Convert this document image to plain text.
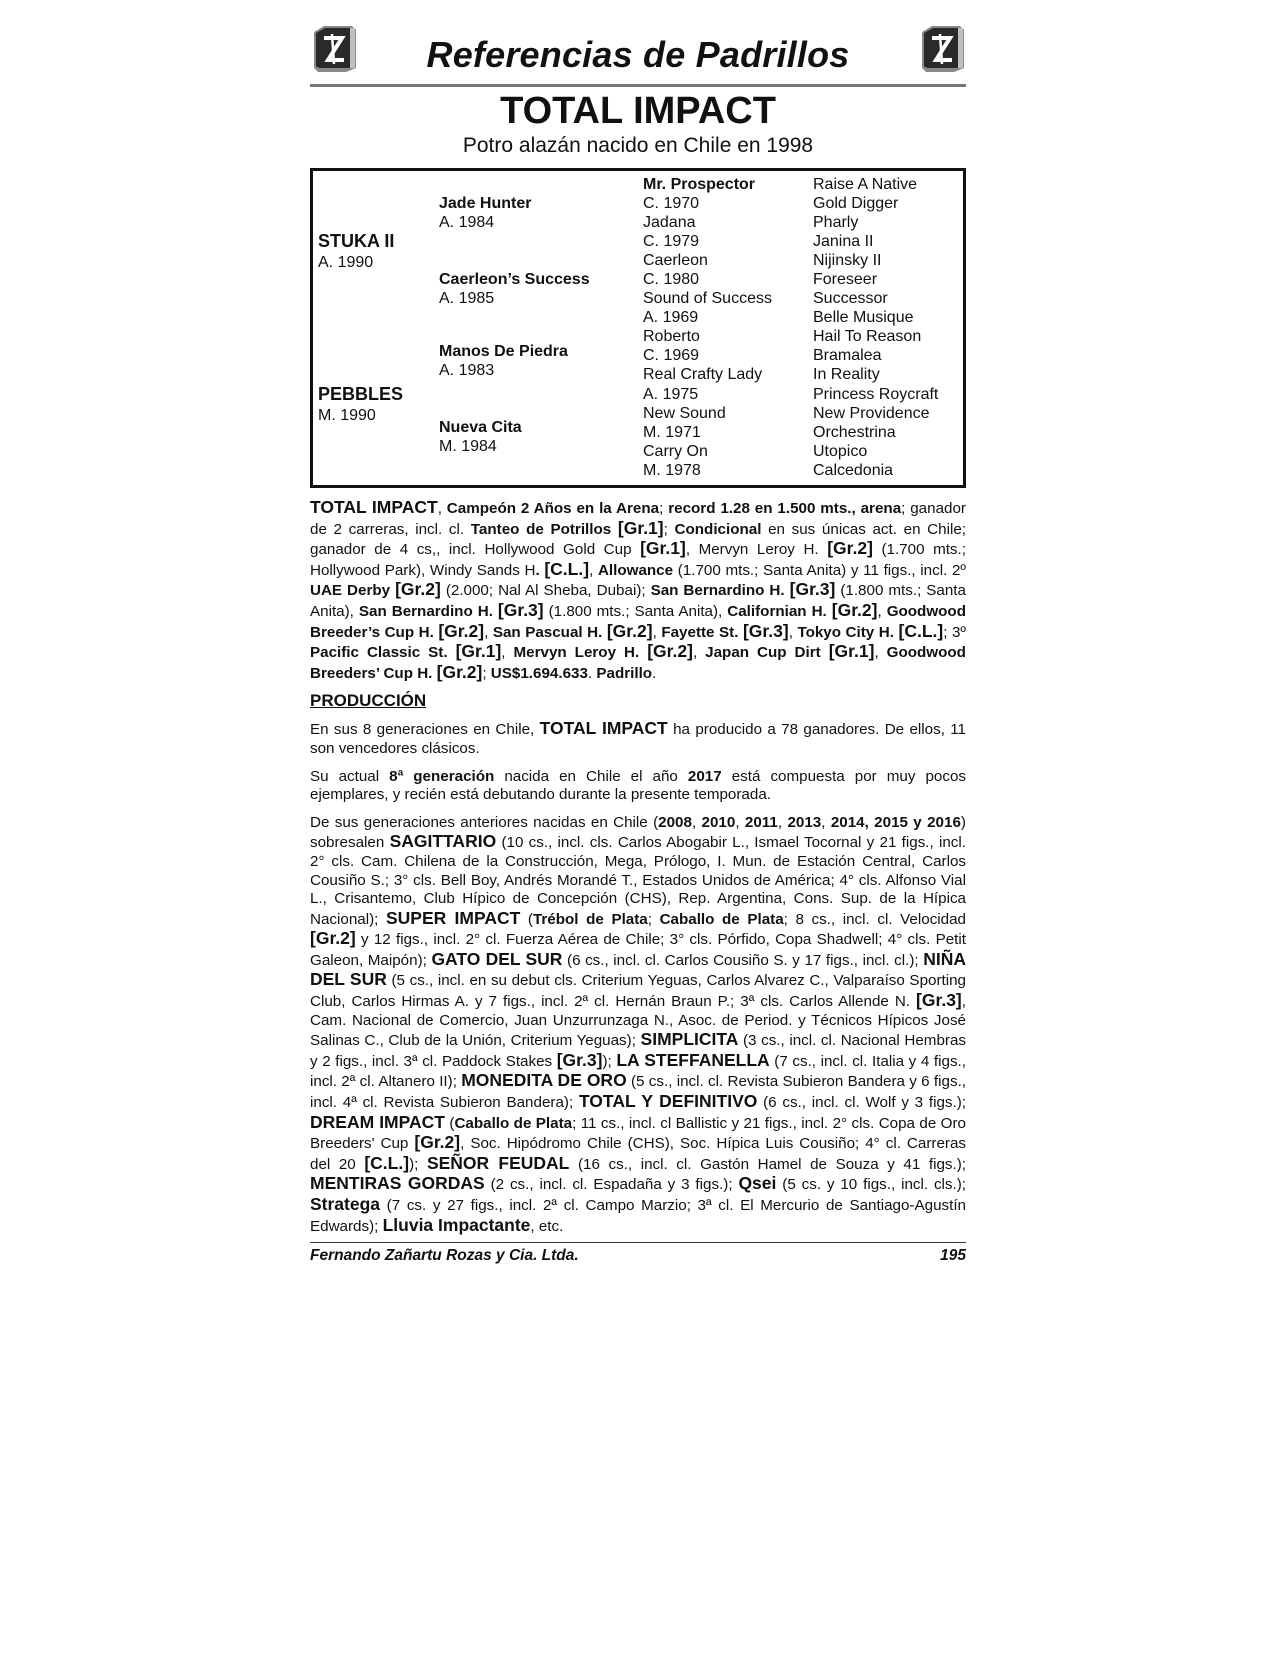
Referencias de Padrillos
TOTAL IMPACT
Potro alazán nacido en Chile en 1998
STUKA II
A. 1990
PEBBLES
M. 1990
Jade Hunter
A. 1984
Caerleon’s Success
A. 1985
Manos De Piedra
A. 1983
Nueva Cita
M. 1984
Mr. Prospector
C. 1970
Jadana
C. 1979
Caerleon
C. 1980
Sound of Success
A. 1969
Roberto
C. 1969
Real Crafty Lady
A. 1975
New Sound
M. 1971
Carry On
M. 1978
Raise A Native
Gold Digger
Pharly
Janina II
Nijinsky II
Foreseer
Successor
Belle Musique
Hail To Reason
Bramalea
In Reality
Princess Roycraft
New Providence
Orchestrina
Utopico
Calcedonia

TOTAL IMPACT, Campeón 2 Años en la Arena; record 1.28 en 1.500 mts., arena; ganador de 2 carreras, incl. cl. Tanteo de Potrillos [Gr.1]; Condicional en sus únicas act. en Chile; ganador de 4 cs,, incl. Hollywood Gold Cup [Gr.1], Mervyn Leroy H. [Gr.2] (1.700 mts.; Hollywood Park), Windy Sands H. [C.L.], Allowance (1.700 mts.; Santa Anita) y 11 figs., incl. 2º UAE Derby [Gr.2] (2.000; Nal Al Sheba, Dubai); San Bernardino H. [Gr.3] (1.800 mts.; Santa Anita), San Bernardino H. [Gr.3] (1.800 mts.; Santa Anita), Californian H. [Gr.2], Goodwood Breeder’s Cup H. [Gr.2], San Pascual H. [Gr.2], Fayette St. [Gr.3], Tokyo City H. [C.L.]; 3º Pacific Classic St. [Gr.1], Mervyn Leroy H. [Gr.2], Japan Cup Dirt [Gr.1], Goodwood Breeders’ Cup H. [Gr.2]; US$1.694.633. Padrillo.

PRODUCCIÓN

En sus 8 generaciones en Chile, TOTAL IMPACT ha producido a 78 ganadores. De ellos, 11 son vencedores clásicos.

Su actual 8ª generación nacida en Chile el año 2017 está compuesta por muy pocos ejemplares, y recién está debutando durante la presente temporada.

De sus generaciones anteriores nacidas en Chile (2008, 2010, 2011, 2013, 2014, 2015 y 2016) sobresalen SAGITTARIO (10 cs., incl. cls. Carlos Abogabir L., Ismael Tocornal y 21 figs., incl. 2° cls. Cam. Chilena de la Construcción, Mega, Prólogo, I. Mun. de Estación Central, Carlos Cousiño S.; 3° cls. Bell Boy, Andrés Morandé T., Estados Unidos de América; 4° cls. Alfonso Vial L., Crisantemo, Club Hípico de Concepción (CHS), Rep. Argentina, Cons. Sup. de la Hípica Nacional); SUPER IMPACT (Trébol de Plata; Caballo de Plata; 8 cs., incl. cl. Velocidad [Gr.2] y 12 figs., incl. 2° cl. Fuerza Aérea de Chile; 3° cls. Pórfido, Copa Shadwell; 4° cls. Petit Galeon, Maipón); GATO DEL SUR (6 cs., incl. cl. Carlos Cousiño S. y 17 figs., incl. cl.); NIÑA DEL SUR (5 cs., incl. en su debut cls. Criterium Yeguas, Carlos Alvarez C., Valparaíso Sporting Club, Carlos Hirmas A. y 7 figs., incl. 2ª cl. Hernán Braun P.; 3ª cls. Carlos Allende N. [Gr.3], Cam. Nacional de Comercio, Juan Unzurrunzaga N., Asoc. de Period. y Técnicos Hípicos José Salinas C., Club de la Unión, Criterium Yeguas); SIMPLICITA (3 cs., incl. cl. Nacional Hembras y 2 figs., incl. 3ª cl. Paddock Stakes [Gr.3]); LA STEFFANELLA (7 cs., incl. cl. Italia y 4 figs., incl. 2ª cl. Altanero II); MONEDITA DE ORO (5 cs., incl. cl. Revista Subieron Bandera y 6 figs., incl. 4ª cl. Revista Subieron Bandera); TOTAL Y DEFINITIVO (6 cs., incl. cl. Wolf y 3 figs.); DREAM IMPACT (Caballo de Plata; 11 cs., incl. cl Ballistic y 21 figs., incl. 2° cls. Copa de Oro Breeders' Cup [Gr.2], Soc. Hipódromo Chile (CHS), Soc. Hípica Luis Cousiño; 4° cl. Carreras del 20 [C.L.]); SEÑOR FEUDAL (16 cs., incl. cl. Gastón Hamel de Souza y 41 figs.); MENTIRAS GORDAS (2 cs., incl. cl. Espadaña y 3 figs.); Qsei (5 cs. y 10 figs., incl. cls.); Stratega (7 cs. y 27 figs., incl. 2ª cl. Campo Marzio; 3ª cl. El Mercurio de Santiago-Agustín Edwards); Lluvia Impactante, etc.

Fernando Zañartu Rozas y Cia. Ltda.	195
